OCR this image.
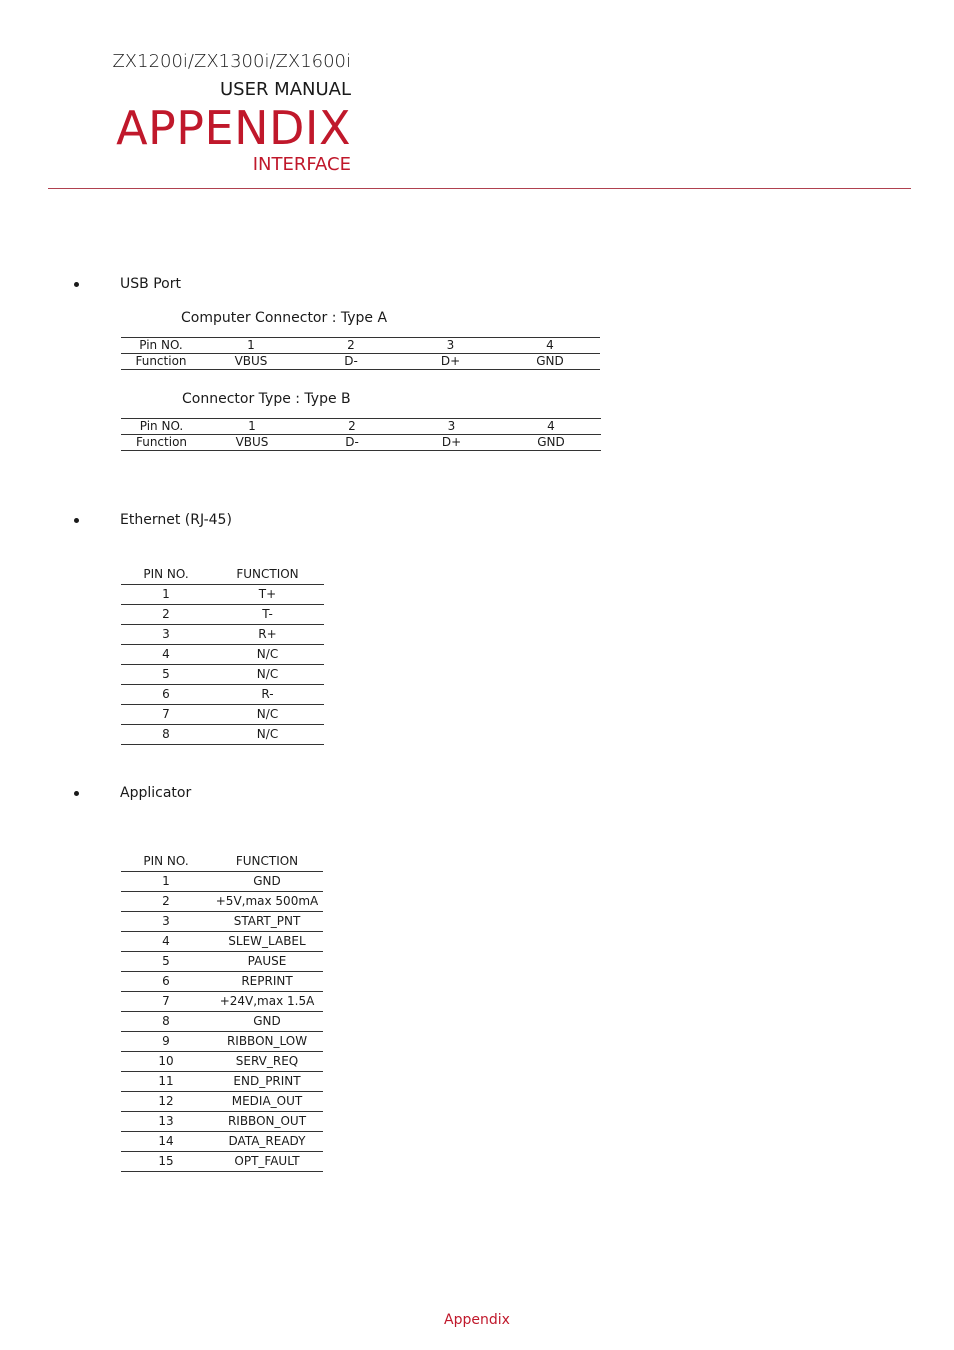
ZX1200i/ZX1300i/ZX1600i
USER MANUAL
APPENDIX
INTERFACE
USB Port
Computer Connector : Type A
Pin NO.	1	2	3	4
Function	VBUS	D-	D+	GND
Connector Type : Type B
Pin NO.	1	2	3	4
Function	VBUS	D-	D+	GND
Ethernet (RJ-45)
PIN NO.	FUNCTION
1	T+
2	T-
3	R+
4	N/C
5	N/C
6	R-
7	N/C
8	N/C
Applicator
PIN NO.	FUNCTION
1	GND
2	+5V,max 500mA
3	START_PNT
4	SLEW_LABEL
5	PAUSE
6	REPRINT
7	+24V,max 1.5A
8	GND
9	RIBBON_LOW
10	SERV_REQ
11	END_PRINT
12	MEDIA_OUT
13	RIBBON_OUT
14	DATA_READY
15	OPT_FAULT
Appendix
